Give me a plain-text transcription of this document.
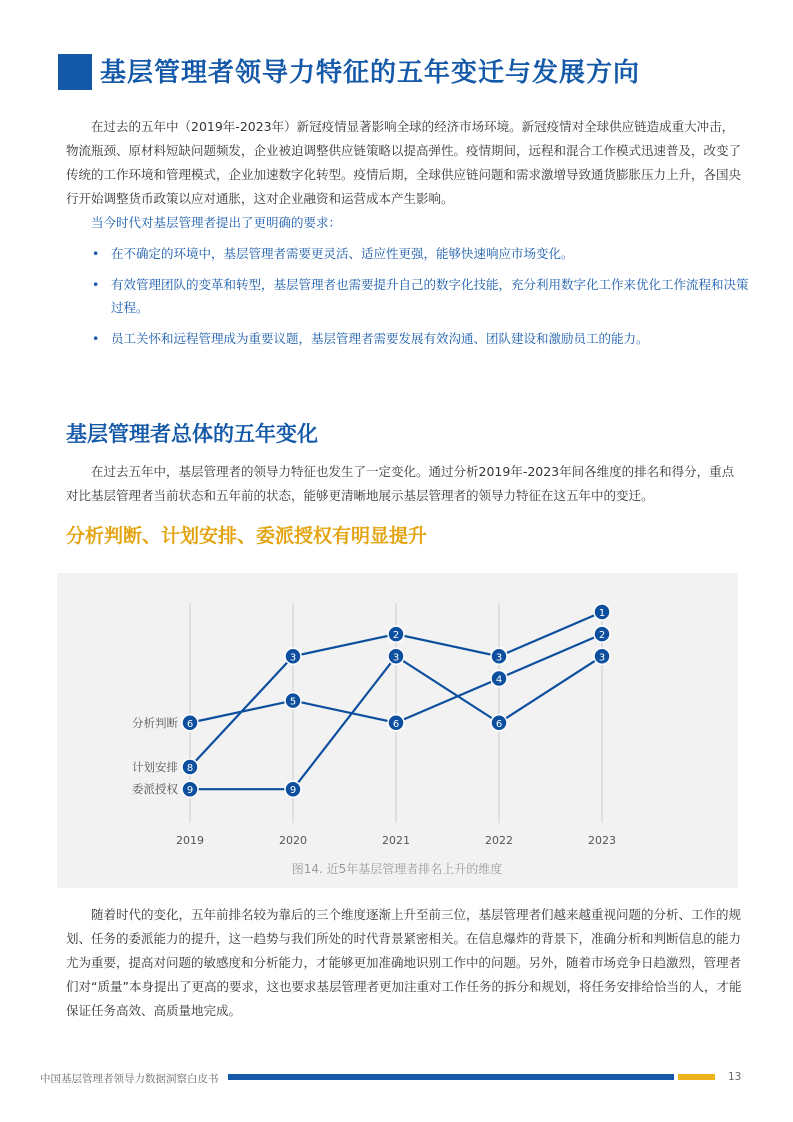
基层管理者领导力特征的五年变迁与发展方向

在过去的五年中（2019年-2023年）新冠疫情显著影响全球的经济市场环境。新冠疫情对全球供应链造成重大冲击，物流瓶颈、原材料短缺问题频发，企业被迫调整供应链策略以提高弹性。疫情期间，远程和混合工作模式迅速普及，改变了传统的工作环境和管理模式，企业加速数字化转型。疫情后期，全球供应链问题和需求激增导致通货膨胀压力上升，各国央行开始调整货币政策以应对通胀，这对企业融资和运营成本产生影响。

当今时代对基层管理者提出了更明确的要求：

• 在不确定的环境中，基层管理者需要更灵活、适应性更强，能够快速响应市场变化。
• 有效管理团队的变革和转型，基层管理者也需要提升自己的数字化技能，充分利用数字化工作来优化工作流程和决策过程。
• 员工关怀和远程管理成为重要议题，基层管理者需要发展有效沟通、团队建设和激励员工的能力。
基层管理者总体的五年变化

在过去五年中，基层管理者的领导力特征也发生了一定变化。通过分析2019年-2023年间各维度的排名和得分，重点对比基层管理者当前状态和五年前的状态，能够更清晰地展示基层管理者的领导力特征在这五年中的变迁。

分析判断、计划安排、委派授权有明显提升
2019	2020	2021	2022	2023
图14. 近5年基层管理者排名上升的维度
分析判断 6
5
6
4
2
计划安排 8
3
2
3
1
委派授权 9	9
3
6
3

随着时代的变化，五年前排名较为靠后的三个维度逐渐上升至前三位，基层管理者们越来越重视问题的分析、工作的规划、任务的委派能力的提升，这一趋势与我们所处的时代背景紧密相关。在信息爆炸的背景下，准确分析和判断信息的能力尤为重要，提高对问题的敏感度和分析能力，才能够更加准确地识别工作中的问题。另外，随着市场竞争日趋激烈，管理者们对“质量”本身提出了更高的要求，这也要求基层管理者更加注重对工作任务的拆分和规划，将任务安排给恰当的人，才能保证任务高效、高质量地完成。

中国基层管理者领导力数据洞察白皮书	13
